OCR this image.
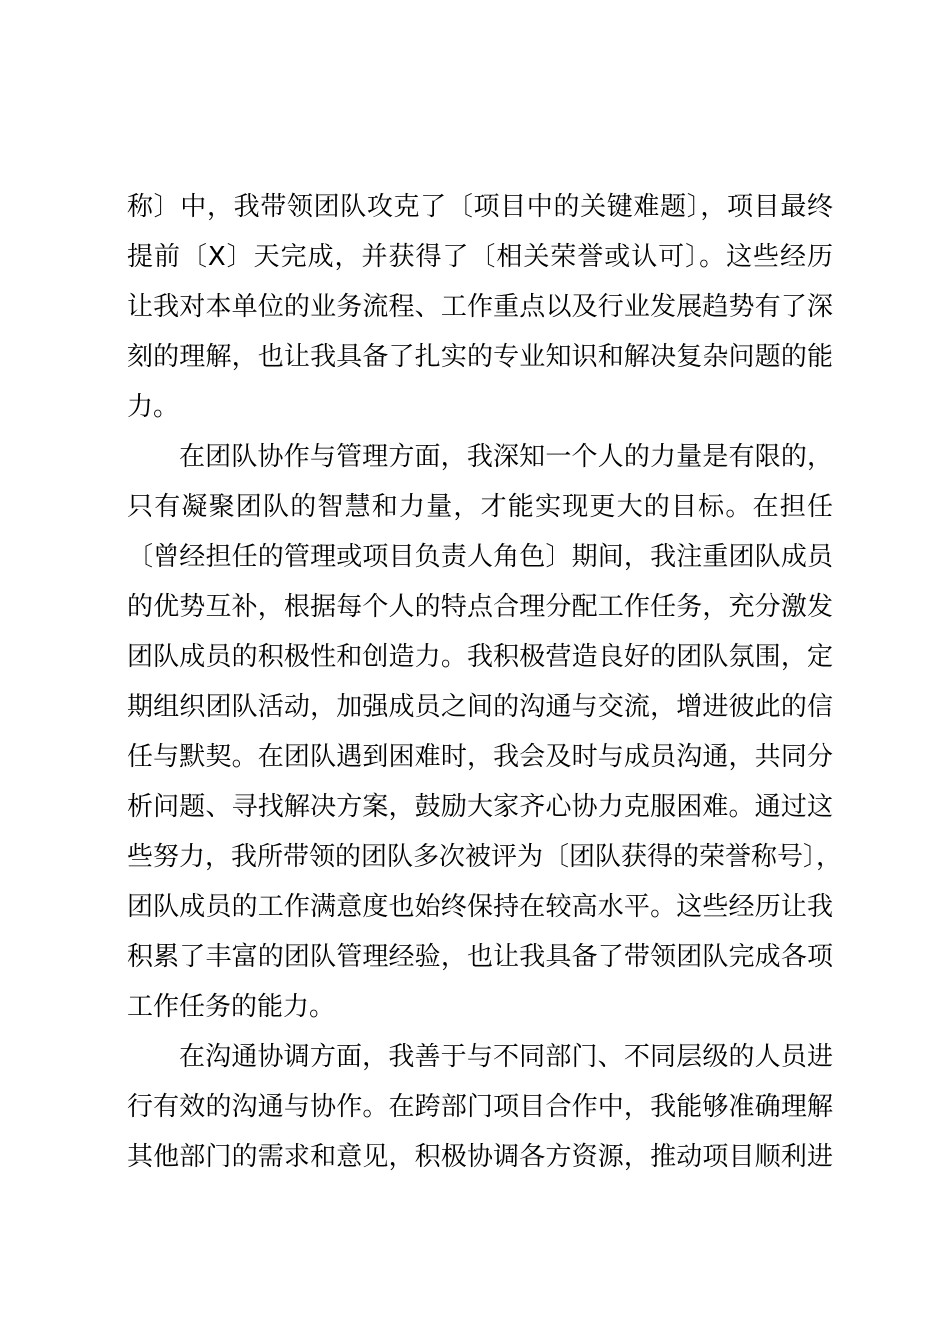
称〕中，我带领团队攻克了〔项目中的关键难题〕，项目最终
提前〔X〕天完成，并获得了〔相关荣誉或认可〕。这些经历
让我对本单位的业务流程、工作重点以及行业发展趋势有了深
刻的理解，也让我具备了扎实的专业知识和解决复杂问题的能
力。
在团队协作与管理方面，我深知一个人的力量是有限的，
只有凝聚团队的智慧和力量，才能实现更大的目标。在担任
〔曾经担任的管理或项目负责人角色〕期间，我注重团队成员
的优势互补，根据每个人的特点合理分配工作任务，充分激发
团队成员的积极性和创造力。我积极营造良好的团队氛围，定
期组织团队活动，加强成员之间的沟通与交流，增进彼此的信
任与默契。在团队遇到困难时，我会及时与成员沟通，共同分
析问题、寻找解决方案，鼓励大家齐心协力克服困难。通过这
些努力，我所带领的团队多次被评为〔团队获得的荣誉称号〕，
团队成员的工作满意度也始终保持在较高水平。这些经历让我
积累了丰富的团队管理经验，也让我具备了带领团队完成各项
工作任务的能力。
在沟通协调方面，我善于与不同部门、不同层级的人员进
行有效的沟通与协作。在跨部门项目合作中，我能够准确理解
其他部门的需求和意见，积极协调各方资源，推动项目顺利进
